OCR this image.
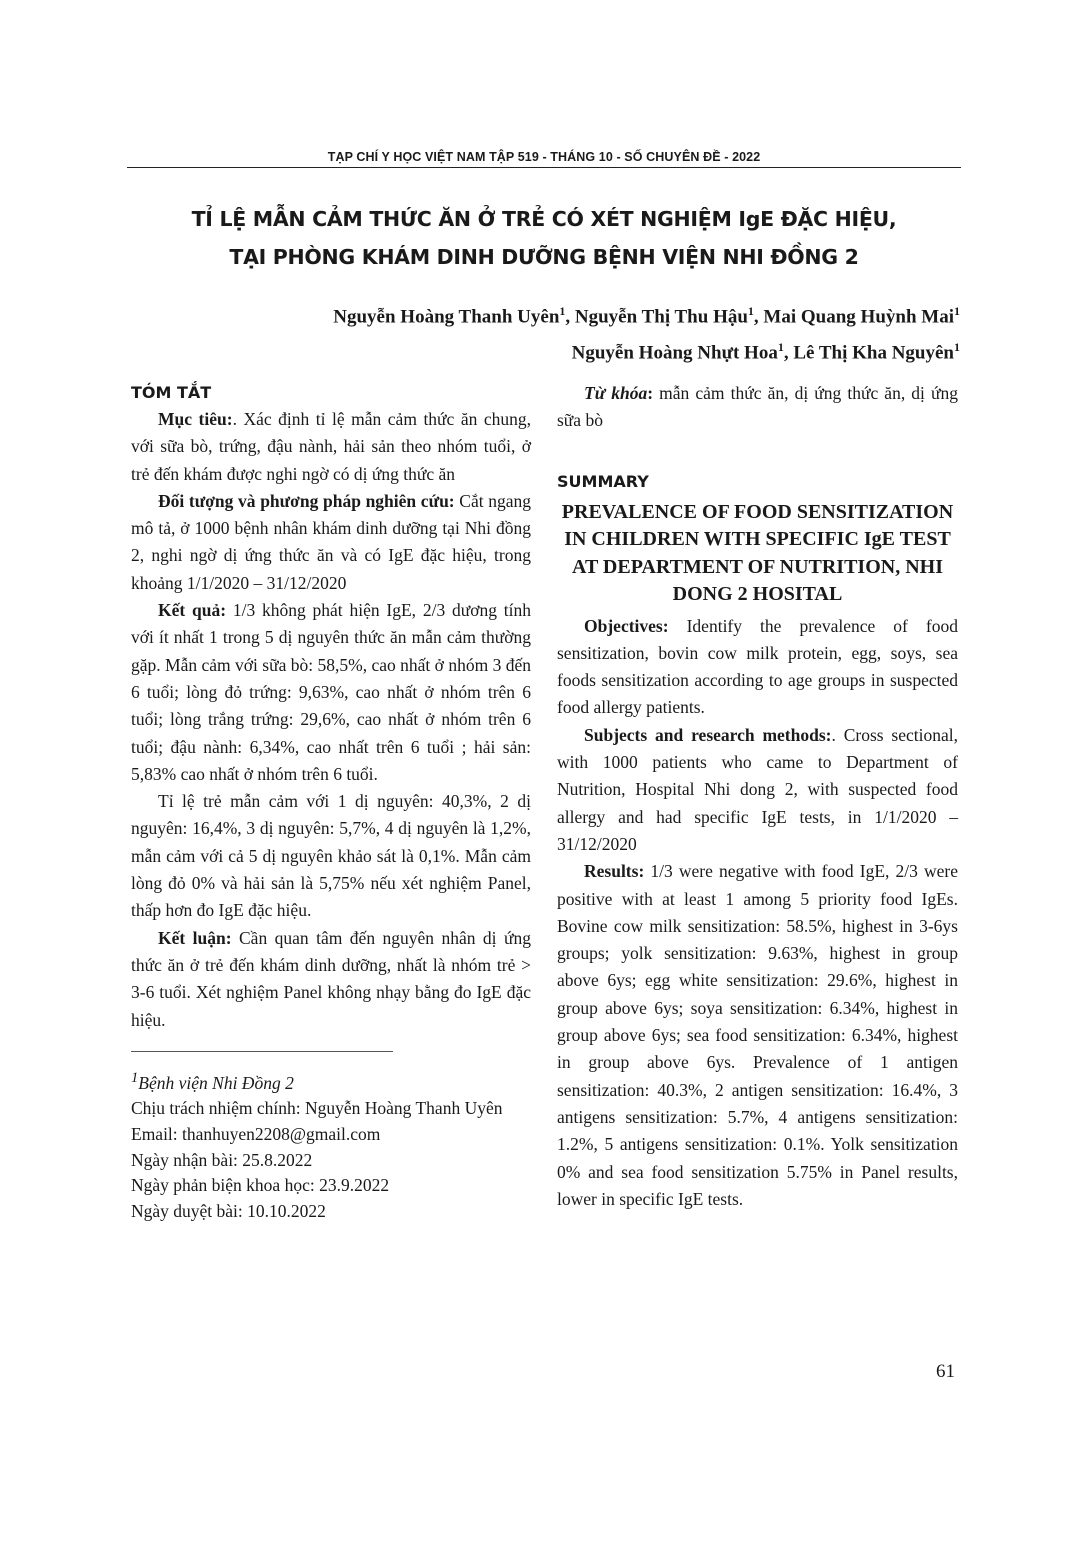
TẠP CHÍ Y HỌC VIỆT NAM TẬP 519 - THÁNG 10 - SỐ CHUYÊN ĐỀ - 2022
TỈ LỆ MẪN CẢM THỨC ĂN Ở TRẺ CÓ XÉT NGHIỆM IgE ĐẶC HIỆU,
TẠI PHÒNG KHÁM DINH DƯỠNG BỆNH VIỆN NHI ĐỒNG 2
Nguyễn Hoàng Thanh Uyên$^1$, Nguyễn Thị Thu Hậu$^1$, Mai Quang Huỳnh Mai$^1$
Nguyễn Hoàng Nhựt Hoa$^1$, Lê Thị Kha Nguyên$^1$
TÓM TẮT

Mục tiêu:. Xác định tỉ lệ mẫn cảm thức ăn chung, với sữa bò, trứng, đậu nành, hải sản theo nhóm tuổi, ở trẻ đến khám được nghi ngờ có dị ứng thức ăn

Đối tượng và phương pháp nghiên cứu: Cắt ngang mô tả, ở 1000 bệnh nhân khám dinh dưỡng tại Nhi đồng 2, nghi ngờ dị ứng thức ăn và có IgE đặc hiệu, trong khoảng 1/1/2020 – 31/12/2020

Kết quả: 1/3 không phát hiện IgE, 2/3 dương tính với ít nhất 1 trong 5 dị nguyên thức ăn mẫn cảm thường gặp. Mẫn cảm với sữa bò: 58,5%, cao nhất ở nhóm 3 đến 6 tuổi; lòng đỏ trứng: 9,63%, cao nhất ở nhóm trên 6 tuổi; lòng trắng trứng: 29,6%, cao nhất ở nhóm trên 6 tuổi; đậu nành: 6,34%, cao nhất trên 6 tuổi ; hải sản: 5,83% cao nhất ở nhóm trên 6 tuổi.

Tỉ lệ trẻ mẫn cảm với 1 dị nguyên: 40,3%, 2 dị nguyên: 16,4%, 3 dị nguyên: 5,7%, 4 dị nguyên là 1,2%, mẫn cảm với cả 5 dị nguyên khảo sát là 0,1%. Mẫn cảm lòng đỏ 0% và hải sản là 5,75% nếu xét nghiệm Panel, thấp hơn đo IgE đặc hiệu.

Kết luận: Cần quan tâm đến nguyên nhân dị ứng thức ăn ở trẻ đến khám dinh dưỡng, nhất là nhóm trẻ > 3-6 tuổi. Xét nghiệm Panel không nhạy bằng đo IgE đặc hiệu.

$^1$Bệnh viện Nhi Đồng 2

Chịu trách nhiệm chính: Nguyễn Hoàng Thanh Uyên

Email: thanhuyen2208@gmail.com

Ngày nhận bài: 25.8.2022

Ngày phản biện khoa học: 23.9.2022

Ngày duyệt bài: 10.10.2022

Từ khóa: mẫn cảm thức ăn, dị ứng thức ăn, dị ứng sữa bò

SUMMARY
PREVALENCE OF FOOD SENSITIZATION IN CHILDREN WITH SPECIFIC IgE TEST AT DEPARTMENT OF NUTRITION, NHI DONG 2 HOSITAL

Objectives: Identify the prevalence of food sensitization, bovin cow milk protein, egg, soys, sea foods sensitization according to age groups in suspected food allergy patients.

Subjects and research methods:. Cross sectional, with 1000 patients who came to Department of Nutrition, Hospital Nhi dong 2, with suspected food allergy and had specific IgE tests, in 1/1/2020 – 31/12/2020

Results: 1/3 were negative with food IgE, 2/3 were positive with at least 1 among 5 priority food IgEs. Bovine cow milk sensitization: 58.5%, highest in 3-6ys groups; yolk sensitization: 9.63%, highest in group above 6ys; egg white sensitization: 29.6%, highest in group above 6ys; soya sensitization: 6.34%, highest in group above 6ys; sea food sensitization: 6.34%, highest in group above 6ys. Prevalence of 1 antigen sensitization: 40.3%, 2 antigen sensitization: 16.4%, 3 antigens sensitization: 5.7%, 4 antigens sensitization: 1.2%, 5 antigens sensitization: 0.1%. Yolk sensitization 0% and sea food sensitization 5.75% in Panel results, lower in specific IgE tests.

61
